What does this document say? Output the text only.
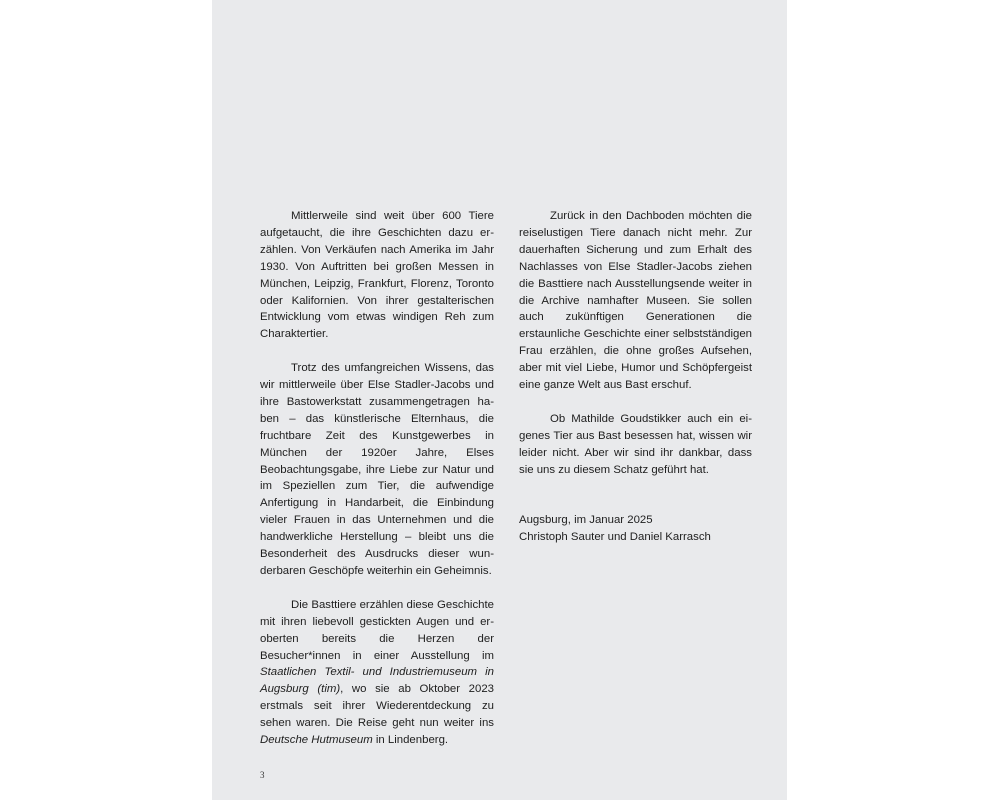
Mittlerweile sind weit über 600 Tiere aufgetaucht, die ihre Geschichten dazu erzählen. Von Verkäufen nach Amerika im Jahr 1930. Von Auftritten bei großen Messen in München, Leipzig, Frankfurt, Florenz, Toronto oder Kalifornien. Von ihrer gestalterischen Entwicklung vom etwas windigen Reh zum Charaktertier.

Trotz des umfangreichen Wissens, das wir mittlerweile über Else Stadler-Jacobs und ihre Bastowerkstatt zusammengetragen haben – das künstlerische Elternhaus, die fruchtbare Zeit des Kunstgewerbes in München der 1920er Jahre, Elses Beobachtungsgabe, ihre Liebe zur Natur und im Speziellen zum Tier, die aufwendige Anfertigung in Handarbeit, die Einbindung vieler Frauen in das Unternehmen und die handwerkliche Herstellung – bleibt uns die Besonderheit des Ausdrucks dieser wunderbaren Geschöpfe weiterhin ein Geheimnis.

Die Basttiere erzählen diese Geschichte mit ihren liebevoll gestickten Augen und eroberten bereits die Herzen der Besucher*innen in einer Ausstellung im Staatlichen Textil- und Industriemuseum in Augsburg (tim), wo sie ab Oktober 2023 erstmals seit ihrer Wiederentdeckung zu sehen waren. Die Reise geht nun weiter ins Deutsche Hutmuseum in Lindenberg.

Zurück in den Dachboden möchten die reiselustigen Tiere danach nicht mehr. Zur dauerhaften Sicherung und zum Erhalt des Nachlasses von Else Stadler-Jacobs ziehen die Basttiere nach Ausstellungsende weiter in die Archive namhafter Museen. Sie sollen auch zukünftigen Generationen die erstaunliche Geschichte einer selbstständigen Frau erzählen, die ohne großes Aufsehen, aber mit viel Liebe, Humor und Schöpfergeist eine ganze Welt aus Bast erschuf.

Ob Mathilde Goudstikker auch ein eigenes Tier aus Bast besessen hat, wissen wir leider nicht. Aber wir sind ihr dankbar, dass sie uns zu diesem Schatz geführt hat.

Augsburg, im Januar 2025
Christoph Sauter und Daniel Karrasch

3
